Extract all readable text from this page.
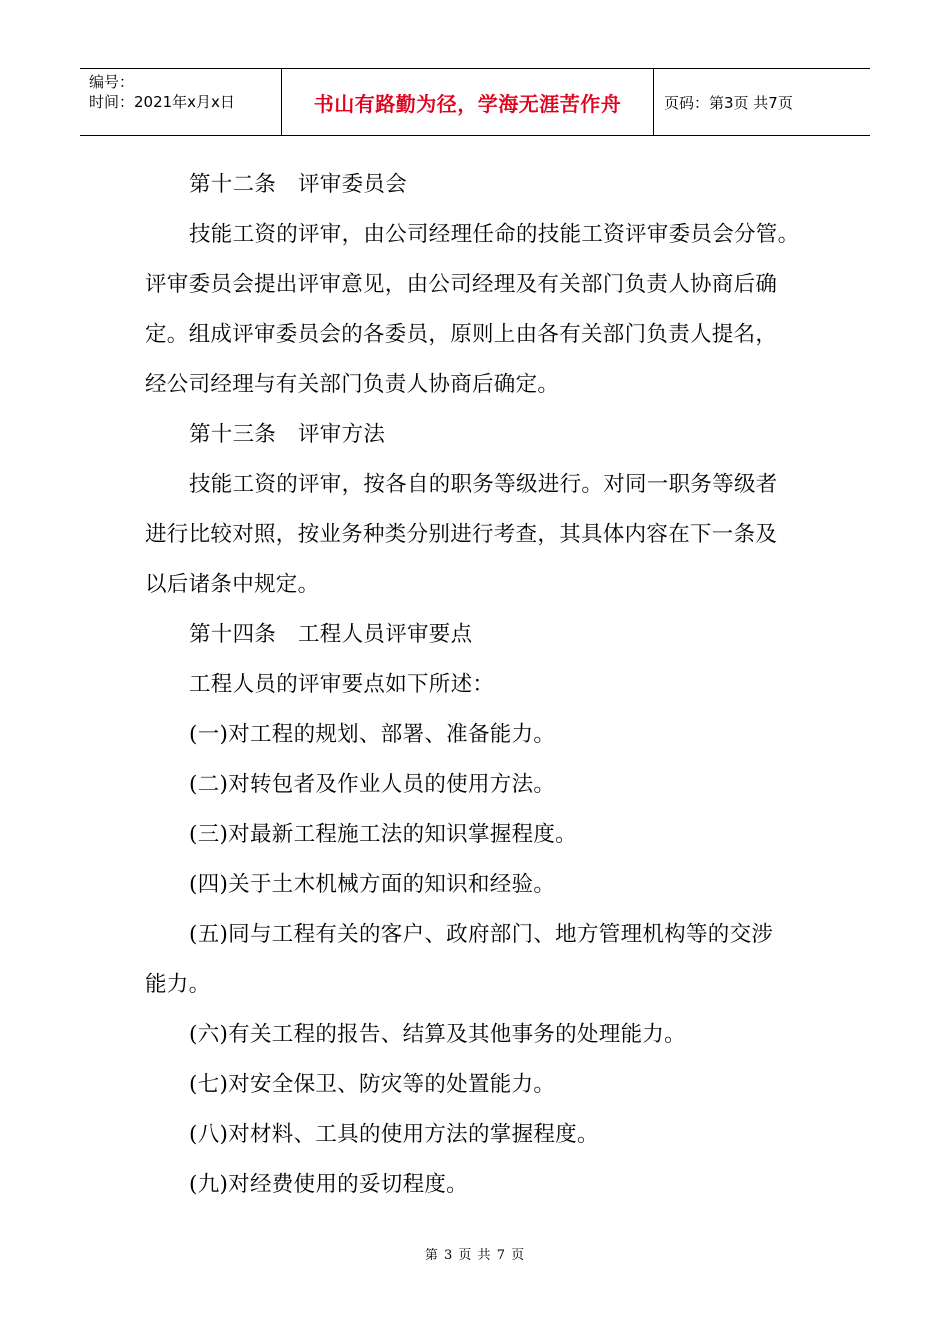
编号：
时间：2021年x月x日	书山有路勤为径，学海无涯苦作舟	页码：第3页 共7页

第十二条　评审委员会

技能工资的评审，由公司经理任命的技能工资评审委员会分管。

评审委员会提出评审意见，由公司经理及有关部门负责人协商后确

定。组成评审委员会的各委员，原则上由各有关部门负责人提名，

经公司经理与有关部门负责人协商后确定。

第十三条　评审方法

技能工资的评审，按各自的职务等级进行。对同一职务等级者

进行比较对照，按业务种类分别进行考查，其具体内容在下一条及

以后诸条中规定。

第十四条　工程人员评审要点

工程人员的评审要点如下所述：

(一)对工程的规划、部署、准备能力。

(二)对转包者及作业人员的使用方法。

(三)对最新工程施工法的知识掌握程度。

(四)关于土木机械方面的知识和经验。

(五)同与工程有关的客户、政府部门、地方管理机构等的交涉

能力。

(六)有关工程的报告、结算及其他事务的处理能力。

(七)对安全保卫、防灾等的处置能力。

(八)对材料、工具的使用方法的掌握程度。

(九)对经费使用的妥切程度。

第 3 页 共 7 页
